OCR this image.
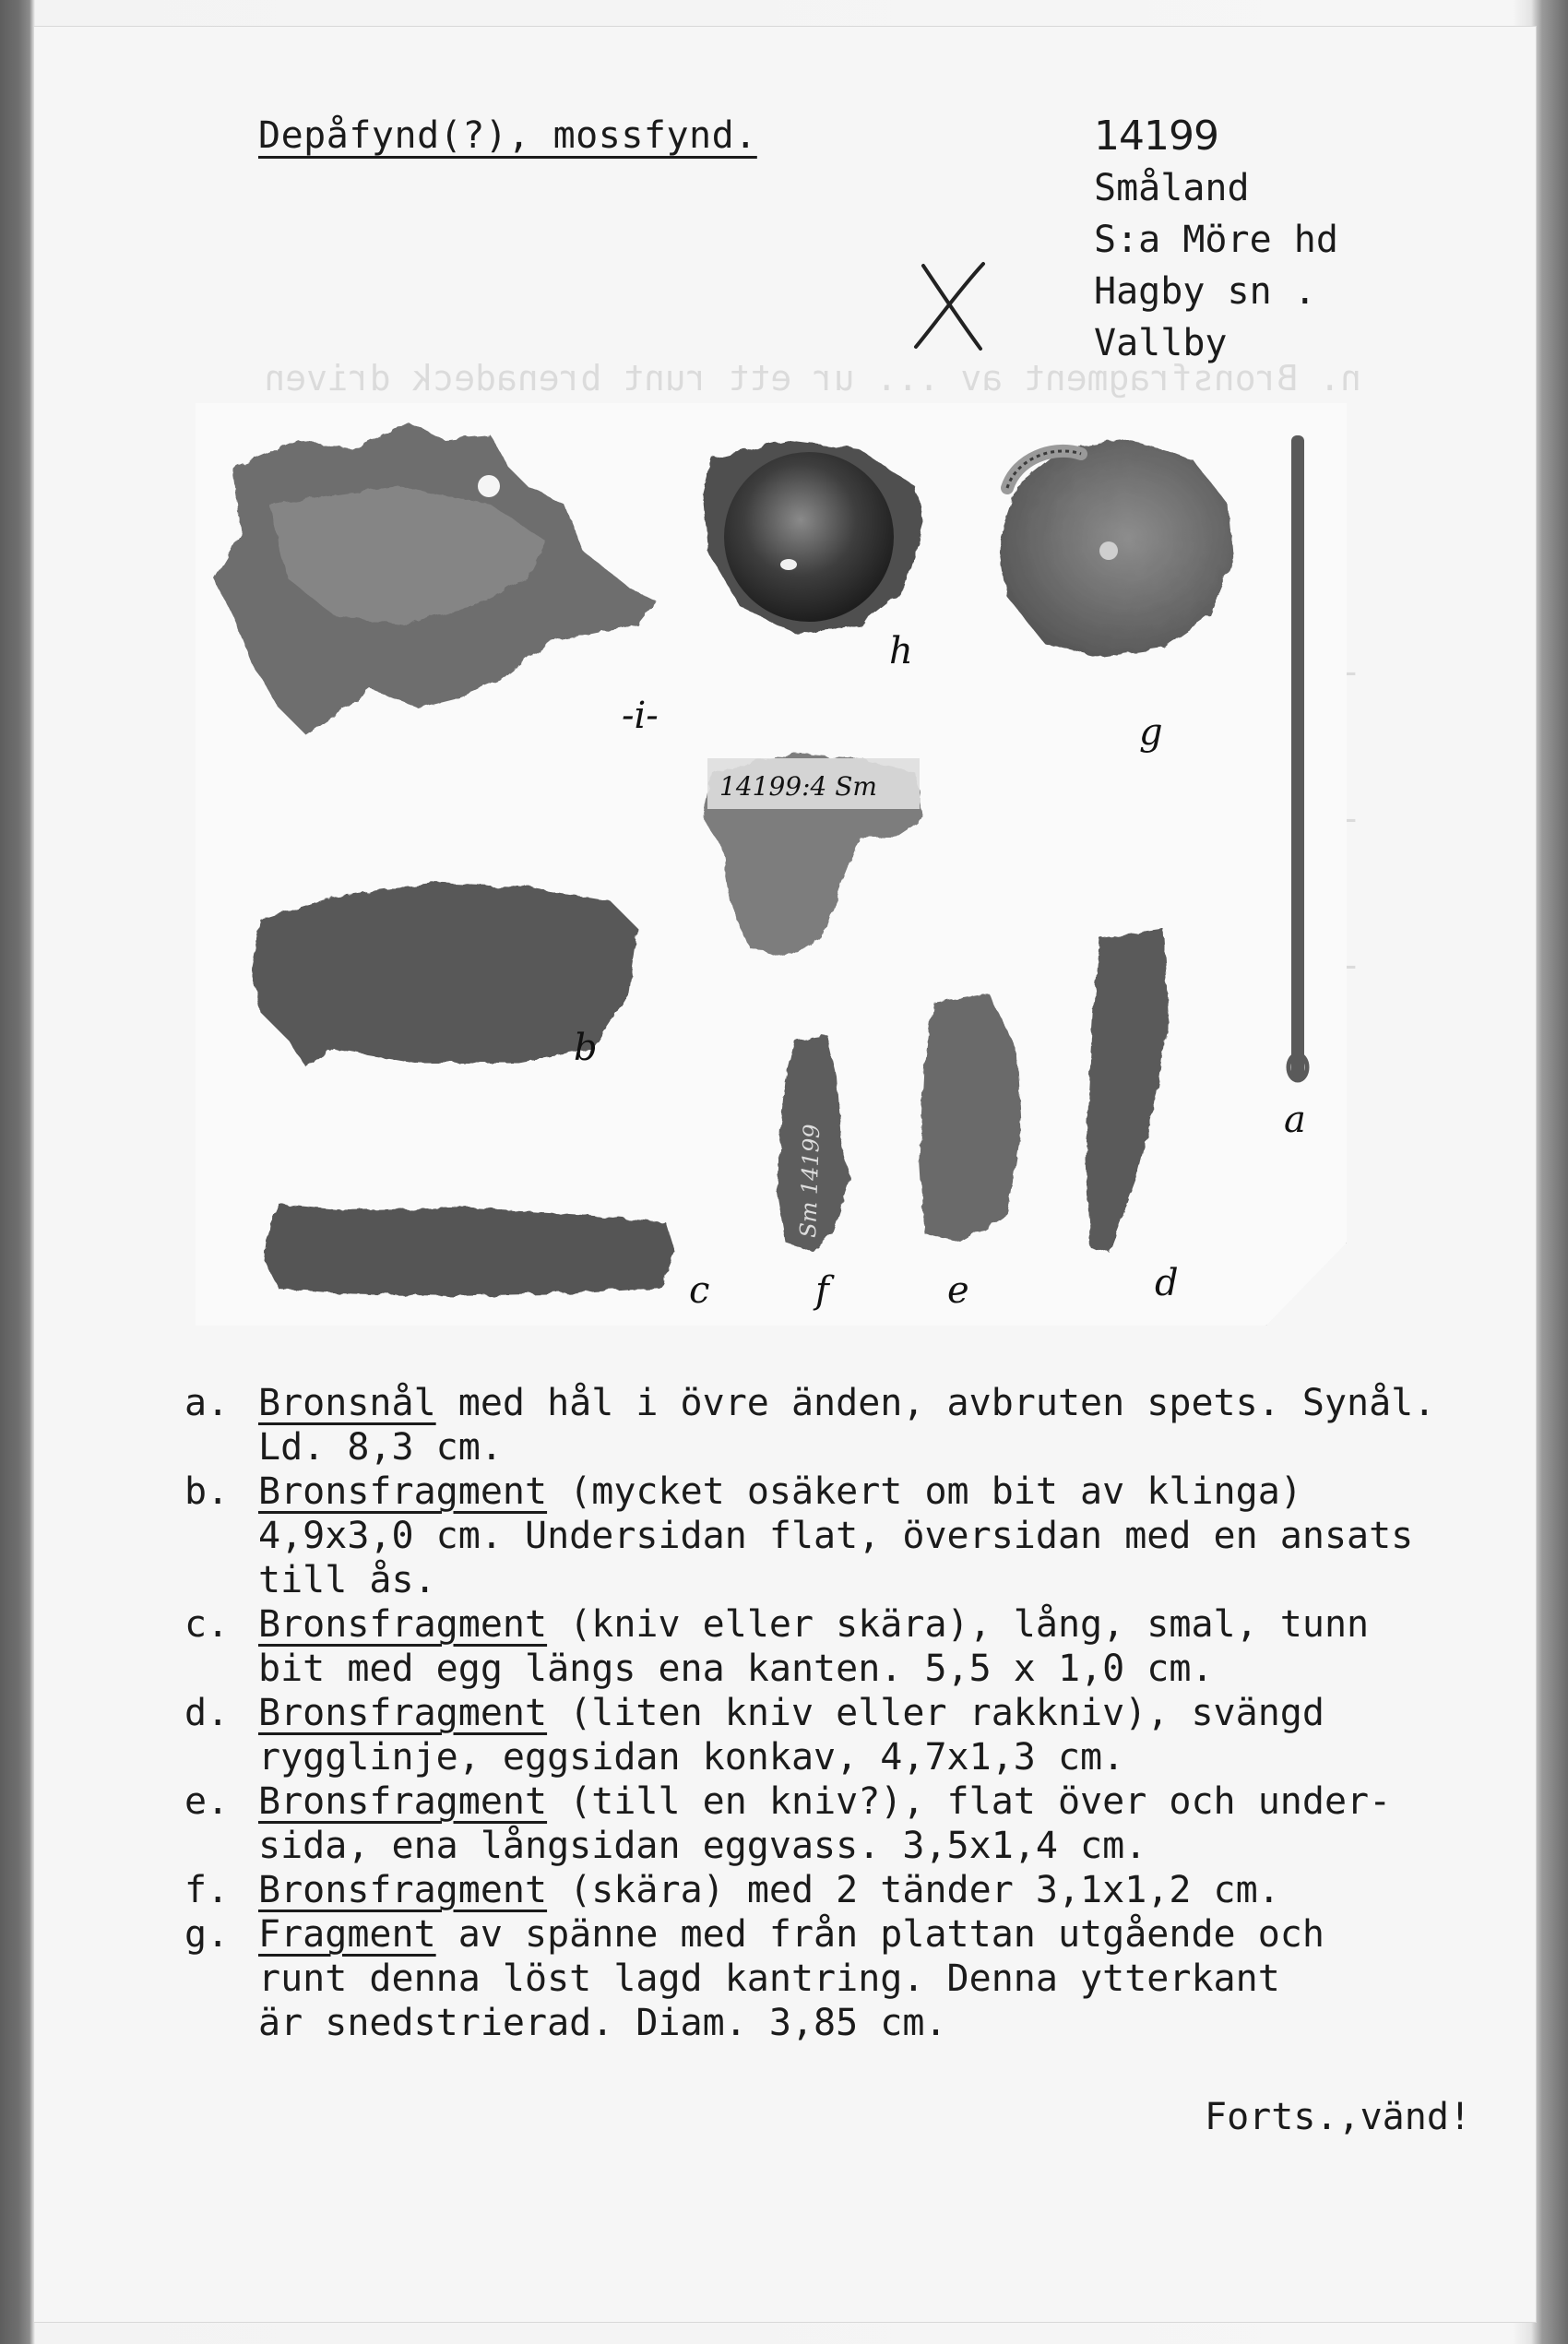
n. Bronsfragment av ... ur ett runt brenadeck driven

-

Depåfynd(?), mossfynd.	14199
Småland
S:a Möre hd
Hagby sn .
Vallby
-i-
h
g
a
14199:4 Sm
b
c
Sm 14199
f	e	d
a. Bronsnål med hål i övre änden, avbruten spets. Synål.
Ld. 8,3 cm.
b. Bronsfragment (mycket osäkert om bit av klinga)
4,9x3,0 cm. Undersidan flat, översidan med en ansats
till ås.
c. Bronsfragment (kniv eller skära), lång, smal, tunn
bit med egg längs ena kanten. 5,5 x 1,0 cm.
d. Bronsfragment (liten kniv eller rakkniv), svängd
rygglinje, eggsidan konkav, 4,7x1,3 cm.
e. Bronsfragment (till en kniv?), flat över och under-
sida, ena långsidan eggvass. 3,5x1,4 cm.
f. Bronsfragment (skära) med 2 tänder 3,1x1,2 cm.
g. Fragment av spänne med från plattan utgående och
runt denna löst lagd kantring. Denna ytterkant
är snedstrierad. Diam. 3,85 cm.
Forts.,vänd!
